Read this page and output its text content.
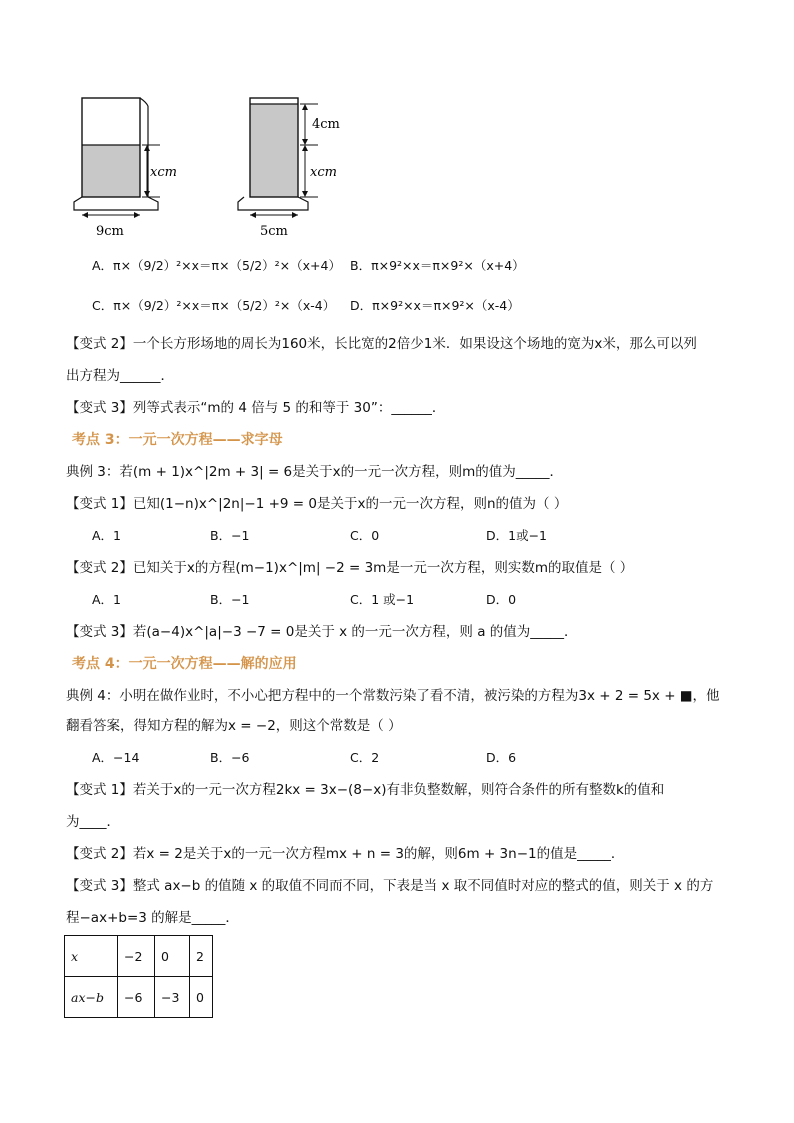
xcm
9cm
4cm
xcm
5cm
A．π×（9/2）²×x＝π×（5/2）²×（x+4） B．π×9²×x＝π×9²×（x+4）
C．π×（9/2）²×x＝π×（5/2）²×（x-4） D．π×9²×x＝π×9²×（x-4）
【变式 2】一个长方形场地的周长为160米，长比宽的2倍少1米．如果设这个场地的宽为x米，那么可以列
出方程为______．
【变式 3】列等式表示“m的 4 倍与 5 的和等于 30”：______．
考点 3：一元一次方程——求字母
典例 3：若(m + 1)x^|2m + 3| = 6是关于x的一元一次方程，则m的值为_____．
【变式 1】已知(1−n)x^|2n|−1 +9 = 0是关于x的一元一次方程，则n的值为（ ）
A．1	B．−1	C．0	D．1或−1
【变式 2】已知关于x的方程(m−1)x^|m| −2 = 3m是一元一次方程，则实数m的取值是（ ）
A．1	B．−1	C．1 或−1	D．0
【变式 3】若(a−4)x^|a|−3 −7 = 0是关于 x 的一元一次方程，则 a 的值为_____．
考点 4：一元一次方程——解的应用
典例 4：小明在做作业时，不小心把方程中的一个常数污染了看不清，被污染的方程为3x + 2 = 5x + ■，他
翻看答案，得知方程的解为x = −2，则这个常数是（ ）
A．−14	B．−6	C．2	D．6
【变式 1】若关于x的一元一次方程2kx = 3x−(8−x)有非负整数解，则符合条件的所有整数k的值和
为____．
【变式 2】若x = 2是关于x的一元一次方程mx + n = 3的解，则6m + 3n−1的值是_____．
【变式 3】整式 ax−b 的值随 x 的取值不同而不同，下表是当 x 取不同值时对应的整式的值，则关于 x 的方
程−ax+b=3 的解是_____．
x	−2	0	2
ax−b	−6	−3	0
